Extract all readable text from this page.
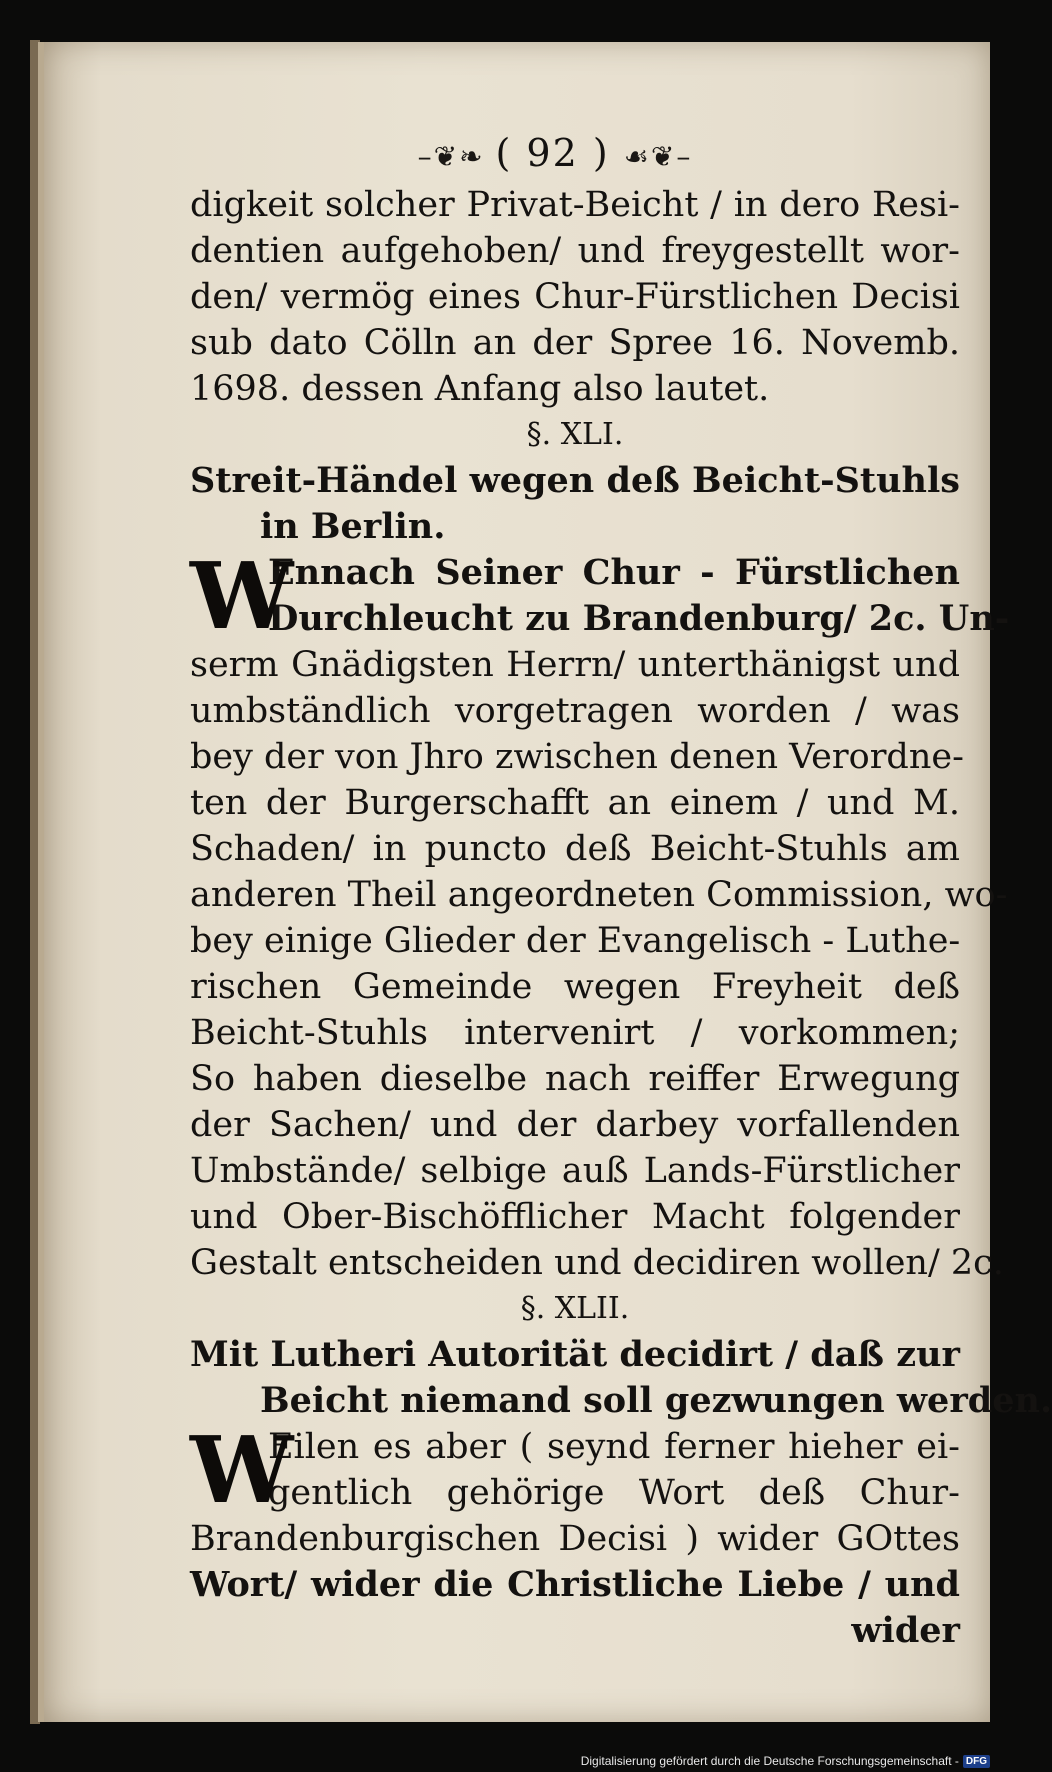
–❦❧ ( 92 ) ☙❦–
digkeit solcher Privat-Beicht / in dero Resi-
dentien aufgehoben/ und freygestellt wor-
den/ vermög eines Chur-Fürstlichen Decisi
sub dato Cölln an der Spree 16. Novemb.
1698. dessen Anfang also lautet.
§. XLI.
Streit-Händel wegen deß Beicht-Stuhls
in Berlin.
W
Ennach Seiner Chur - Fürstlichen
Durchleucht zu Brandenburg/ 2c. Un-
serm Gnädigsten Herrn/ unterthänigst und
umbständlich vorgetragen worden / was
bey der von Jhro zwischen denen Verordne-
ten der Burgerschafft an einem / und M.
Schaden/ in puncto deß Beicht-Stuhls am
anderen Theil angeordneten Commission, wo-
bey einige Glieder der Evangelisch - Luthe-
rischen Gemeinde wegen Freyheit deß
Beicht-Stuhls intervenirt / vorkommen;
So haben dieselbe nach reiffer Erwegung
der Sachen/ und der darbey vorfallenden
Umbstände/ selbige auß Lands-Fürstlicher
und Ober-Bischöfflicher Macht folgender
Gestalt entscheiden und decidiren wollen/ 2c.
§. XLII.
Mit Lutheri Autorität decidirt / daß zur
Beicht niemand soll gezwungen werden.
W
Eilen es aber ( seynd ferner hieher ei-
gentlich gehörige Wort deß Chur-
Brandenburgischen Decisi ) wider GOttes
Wort/ wider die Christliche Liebe / und
wider
Digitalisierung gefördert durch die Deutsche Forschungsgemeinschaft - DFG
